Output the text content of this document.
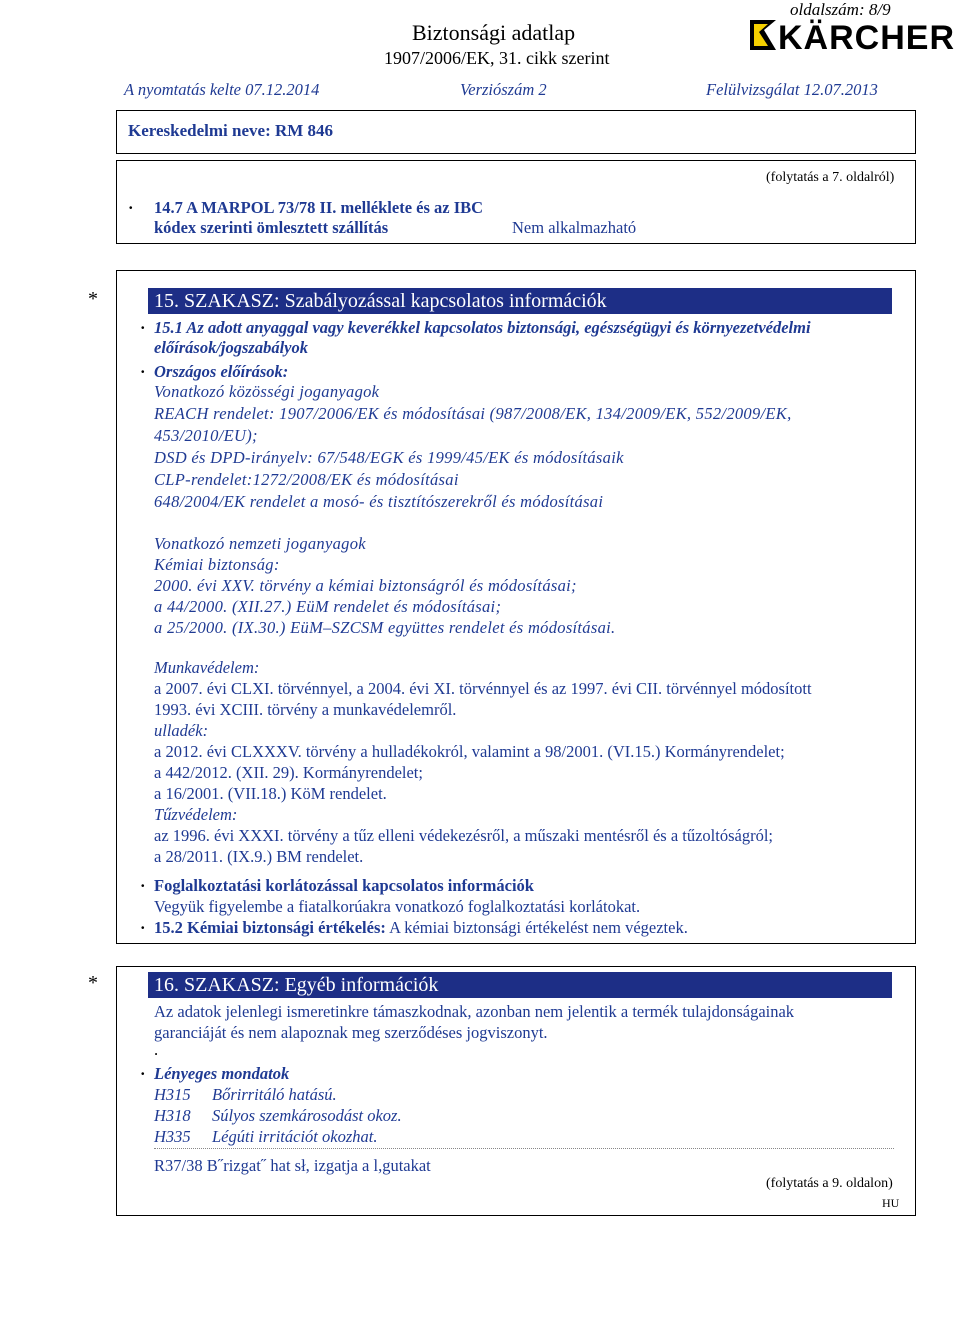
oldalszám: 8/9
Biztonsági adatlap
1907/2006/EK, 31. cikk szerint
KÄRCHER
A nyomtatás kelte 07.12.2014	Verziószám 2	Felülvizsgálat 12.07.2013
Kereskedelmi neve: RM 846
(folytatás a 7. oldalról)
· 14.7 A MARPOL 73/78 II. melléklete és az IBC
kódex szerinti ömlesztett szállítás	Nem alkalmazható
*	15. SZAKASZ: Szabályozással kapcsolatos információk
· 15.1 Az adott anyaggal vagy keverékkel kapcsolatos biztonsági, egészségügyi és környezetvédelmi
előírások/jogszabályok
· Országos előírások:
Vonatkozó közösségi joganyagok
REACH rendelet: 1907/2006/EK és módosításai (987/2008/EK, 134/2009/EK, 552/2009/EK,
453/2010/EU);
DSD és DPD-irányelv: 67/548/EGK és 1999/45/EK és módosításaik
CLP-rendelet:1272/2008/EK és módosításai
648/2004/EK rendelet a mosó- és tisztítószerekről és módosításai
Vonatkozó nemzeti joganyagok
Kémiai biztonság:
2000. évi XXV. törvény a kémiai biztonságról és módosításai;
a 44/2000. (XII.27.) EüM rendelet és módosításai;
a 25/2000. (IX.30.) EüM–SZCSM együttes rendelet és módosításai.
Munkavédelem:
a 2007. évi CLXI. törvénnyel, a 2004. évi XI. törvénnyel és az 1997. évi CII. törvénnyel módosított
1993. évi XCIII. törvény a munkavédelemről.
ulladék:
a 2012. évi CLXXXV. törvény a hulladékokról, valamint a 98/2001. (VI.15.) Kormányrendelet;
a 442/2012. (XII. 29). Kormányrendelet;
a 16/2001. (VII.18.) KöM rendelet.
Tűzvédelem:
az 1996. évi XXXI. törvény a tűz elleni védekezésről, a műszaki mentésről és a tűzoltóságról;
a 28/2011. (IX.9.) BM rendelet.
· Foglalkoztatási korlátozással kapcsolatos információk
Vegyük figyelembe a fiatalkorúakra vonatkozó foglalkoztatási korlátokat.
· 15.2 Kémiai biztonsági értékelés: A kémiai biztonsági értékelést nem végeztek.
*	16. SZAKASZ: Egyéb információk
Az adatok jelenlegi ismeretinkre támaszkodnak, azonban nem jelentik a termék tulajdonságainak
garanciáját és nem alapoznak meg szerződéses jogviszonyt.
.
· Lényeges mondatok
H315 Bőrirritáló hatású.
H318 Súlyos szemkárosodást okoz.
H335 Légúti irritációt okozhat.
R37/38 B˝rizgat˝ hat sł, izgatja a l,gutakat
(folytatás a 9. oldalon)
HU
